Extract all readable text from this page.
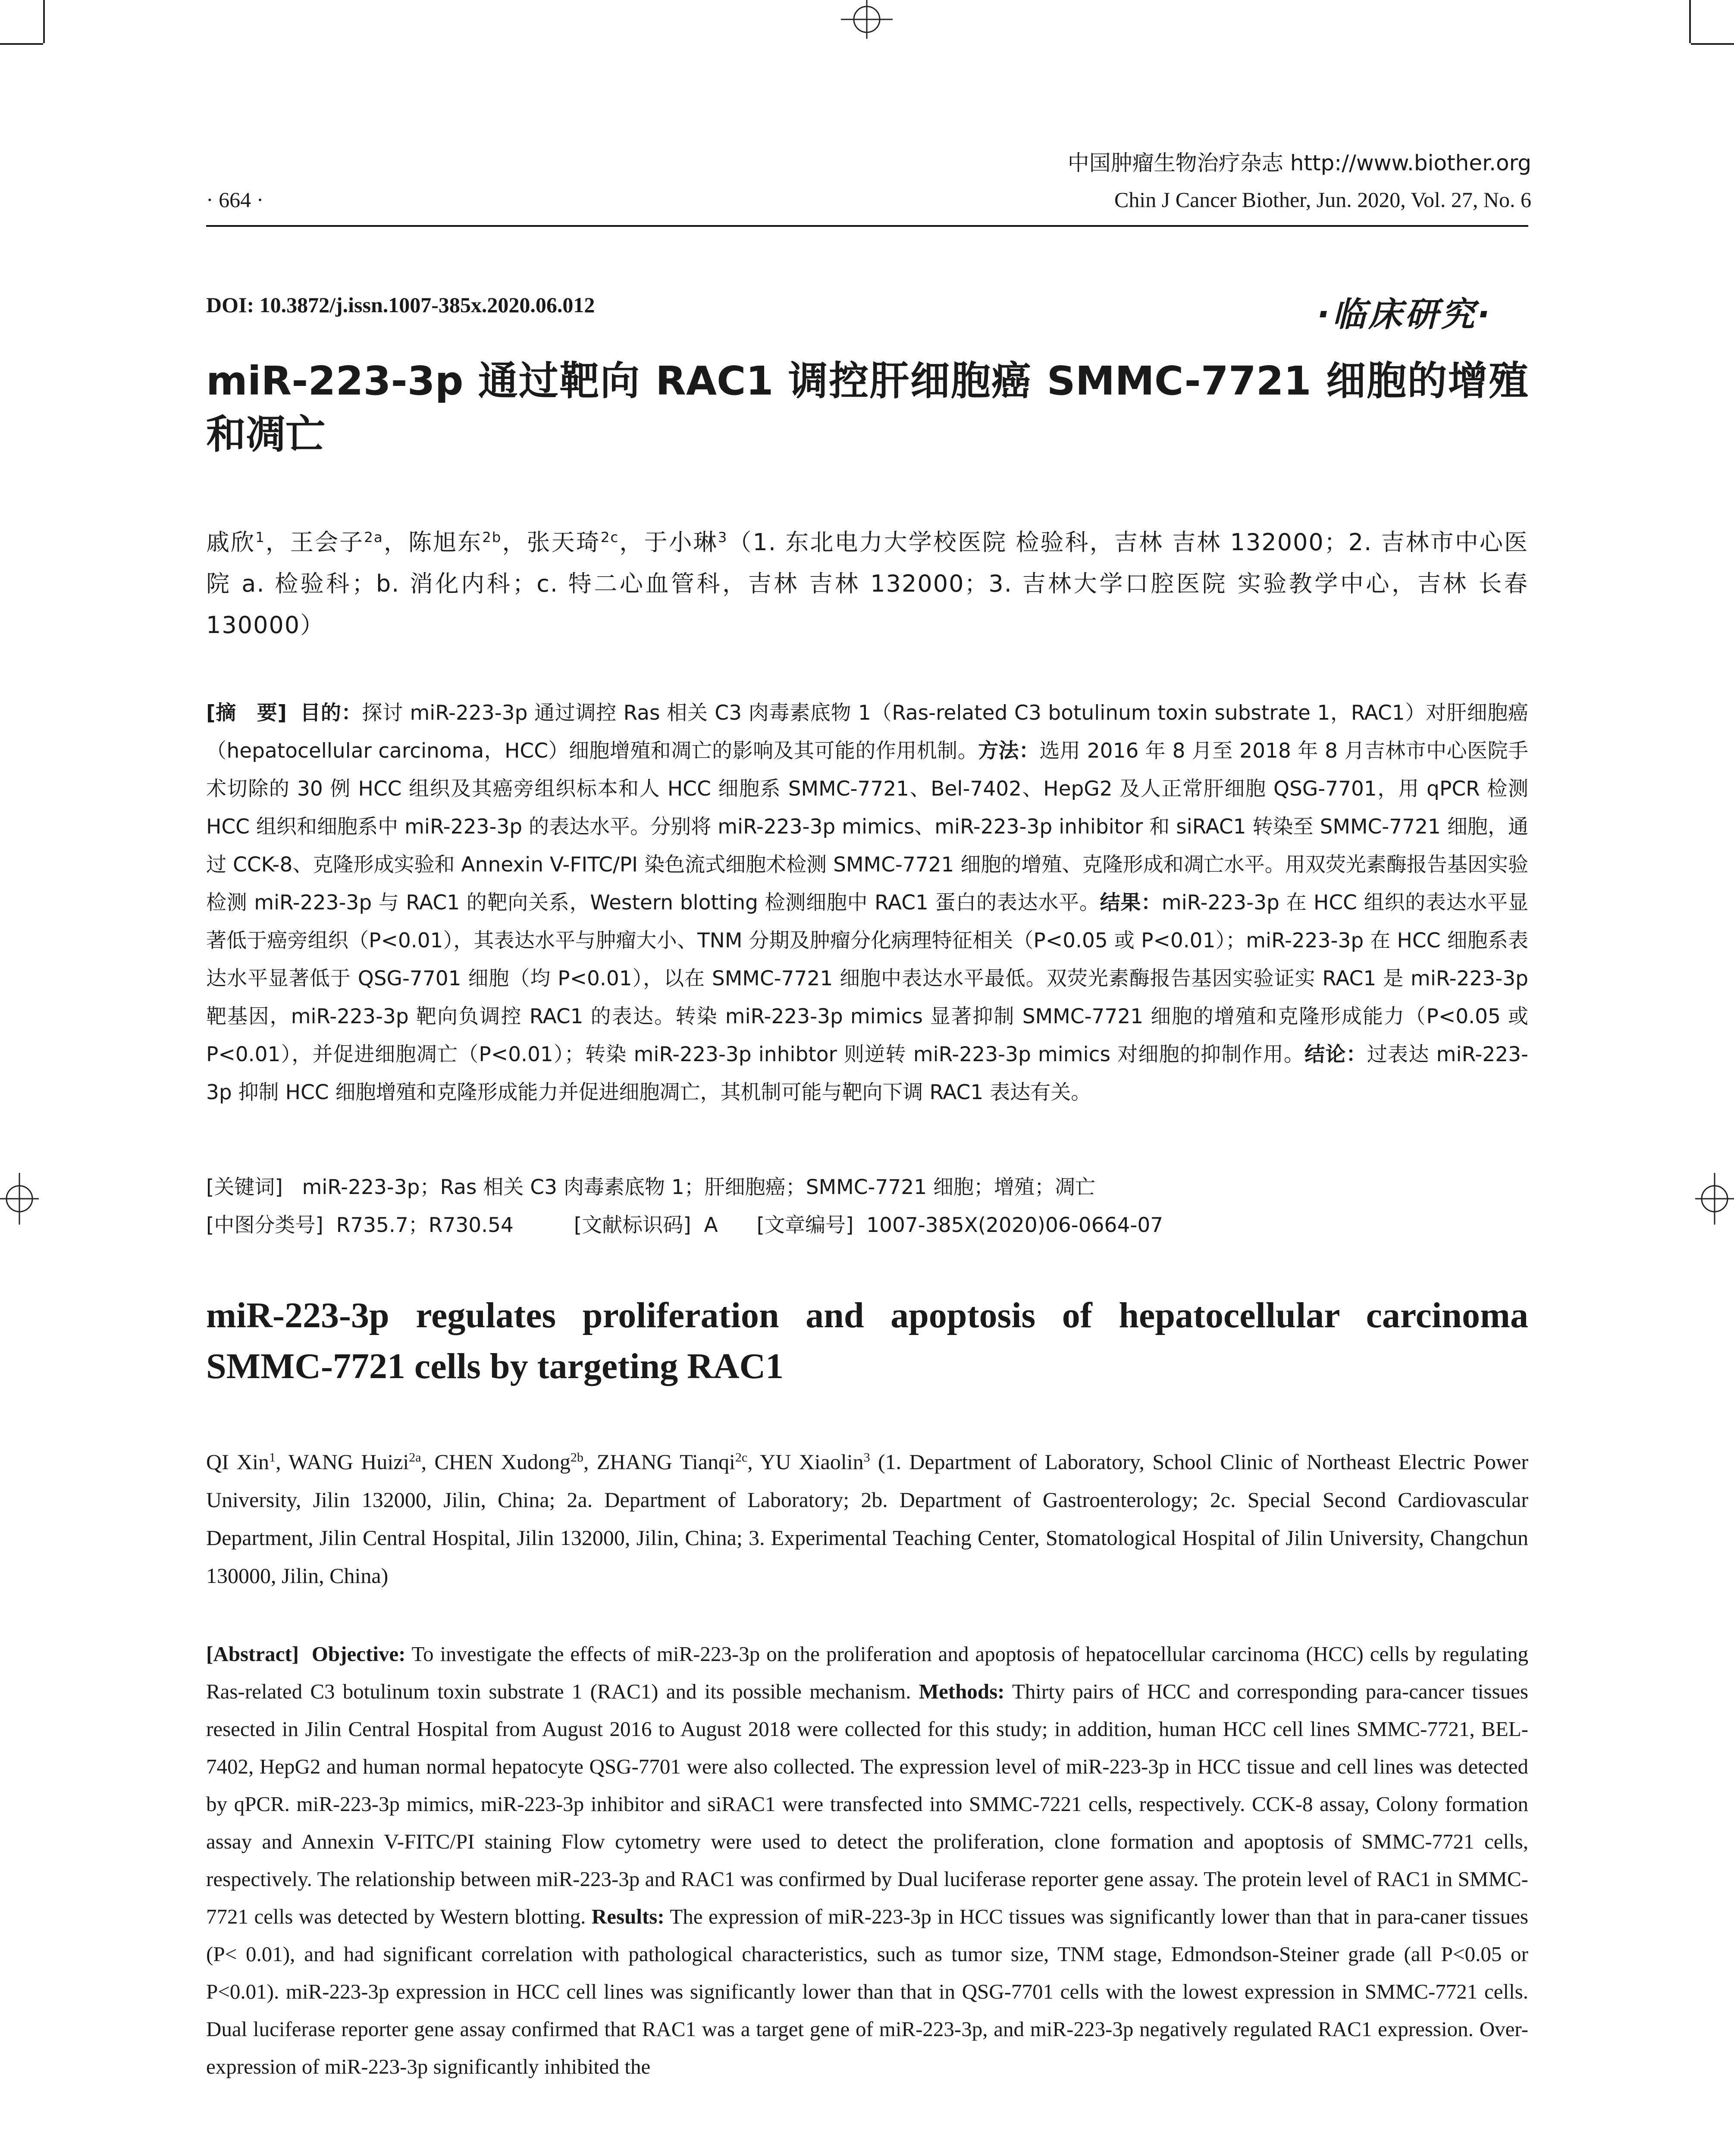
中国肿瘤生物治疗杂志 http://www.biother.org
Chin J Cancer Biother, Jun. 2020, Vol. 27, No. 6
· 664 ·
DOI: 10.3872/j.issn.1007-385x.2020.06.012	·临床研究·
miR-223-3p 通过靶向 RAC1 调控肝细胞癌 SMMC-7721 细胞的增殖和凋亡
戚欣$^1$，王会子$^{2a}$，陈旭东$^{2b}$，张天琦$^{2c}$，于小琳$^3$（1. 东北电力大学校医院 检验科，吉林 吉林 132000；2. 吉林市中心医院 a. 检验科；b. 消化内科；c. 特二心血管科，吉林 吉林 132000；3. 吉林大学口腔医院 实验教学中心，吉林 长春 130000）
[摘　要] 目的：探讨 miR-223-3p 通过调控 Ras 相关 C3 肉毒素底物 1（Ras-related C3 botulinum toxin substrate 1，RAC1）对肝细胞癌（hepatocellular carcinoma，HCC）细胞增殖和凋亡的影响及其可能的作用机制。方法：选用 2016 年 8 月至 2018 年 8 月吉林市中心医院手术切除的 30 例 HCC 组织及其癌旁组织标本和人 HCC 细胞系 SMMC-7721、Bel-7402、HepG2 及人正常肝细胞 QSG-7701，用 qPCR 检测 HCC 组织和细胞系中 miR-223-3p 的表达水平。分别将 miR-223-3p mimics、miR-223-3p inhibitor 和 siRAC1 转染至 SMMC-7721 细胞，通过 CCK-8、克隆形成实验和 Annexin V-FITC/PI 染色流式细胞术检测 SMMC-7721 细胞的增殖、克隆形成和凋亡水平。用双荧光素酶报告基因实验检测 miR-223-3p 与 RAC1 的靶向关系，Western blotting 检测细胞中 RAC1 蛋白的表达水平。结果：miR-223-3p 在 HCC 组织的表达水平显著低于癌旁组织（P<0.01），其表达水平与肿瘤大小、TNM 分期及肿瘤分化病理特征相关（P<0.05 或 P<0.01）；miR-223-3p 在 HCC 细胞系表达水平显著低于 QSG-7701 细胞（均 P<0.01），以在 SMMC-7721 细胞中表达水平最低。双荧光素酶报告基因实验证实 RAC1 是 miR-223-3p 靶基因，miR-223-3p 靶向负调控 RAC1 的表达。转染 miR-223-3p mimics 显著抑制 SMMC-7721 细胞的增殖和克隆形成能力（P<0.05 或 P<0.01），并促进细胞凋亡（P<0.01）；转染 miR-223-3p inhibtor 则逆转 miR-223-3p mimics 对细胞的抑制作用。结论：过表达 miR-223-3p 抑制 HCC 细胞增殖和克隆形成能力并促进细胞凋亡，其机制可能与靶向下调 RAC1 表达有关。
[关键词] miR-223-3p；Ras 相关 C3 肉毒素底物 1；肝细胞癌；SMMC-7721 细胞；增殖；凋亡
[中图分类号] R735.7；R730.54	[文献标识码] A [文章编号] 1007-385X(2020)06-0664-07
miR-223-3p regulates proliferation and apoptosis of hepatocellular carcinoma SMMC-7721 cells by targeting RAC1
QI Xin$^1$, WANG Huizi$^{2a}$, CHEN Xudong$^{2b}$, ZHANG Tianqi$^{2c}$, YU Xiaolin$^3$ (1. Department of Laboratory, School Clinic of Northeast Electric Power University, Jilin 132000, Jilin, China; 2a. Department of Laboratory; 2b. Department of Gastroenterology; 2c. Special Second Cardiovascular Department, Jilin Central Hospital, Jilin 132000, Jilin, China; 3. Experimental Teaching Center, Stomatological Hospital of Jilin University, Changchun 130000, Jilin, China)
[Abstract] Objective: To investigate the effects of miR-223-3p on the proliferation and apoptosis of hepatocellular carcinoma (HCC) cells by regulating Ras-related C3 botulinum toxin substrate 1 (RAC1) and its possible mechanism. Methods: Thirty pairs of HCC and corresponding para-cancer tissues resected in Jilin Central Hospital from August 2016 to August 2018 were collected for this study; in addition, human HCC cell lines SMMC-7721, BEL-7402, HepG2 and human normal hepatocyte QSG-7701 were also collected. The expression level of miR-223-3p in HCC tissue and cell lines was detected by qPCR. miR-223-3p mimics, miR-223-3p inhibitor and siRAC1 were transfected into SMMC-7221 cells, respectively. CCK-8 assay, Colony formation assay and Annexin V-FITC/PI staining Flow cytometry were used to detect the proliferation, clone formation and apoptosis of SMMC-7721 cells, respectively. The relationship between miR-223-3p and RAC1 was confirmed by Dual luciferase reporter gene assay. The protein level of RAC1 in SMMC-7721 cells was detected by Western blotting. Results: The expression of miR-223-3p in HCC tissues was significantly lower than that in para-caner tissues (P< 0.01), and had significant correlation with pathological characteristics, such as tumor size, TNM stage, Edmondson-Steiner grade (all P<0.05 or P<0.01). miR-223-3p expression in HCC cell lines was significantly lower than that in QSG-7701 cells with the lowest expression in SMMC-7721 cells. Dual luciferase reporter gene assay confirmed that RAC1 was a target gene of miR-223-3p, and miR-223-3p negatively regulated RAC1 expression. Over-expression of miR-223-3p significantly inhibited the
